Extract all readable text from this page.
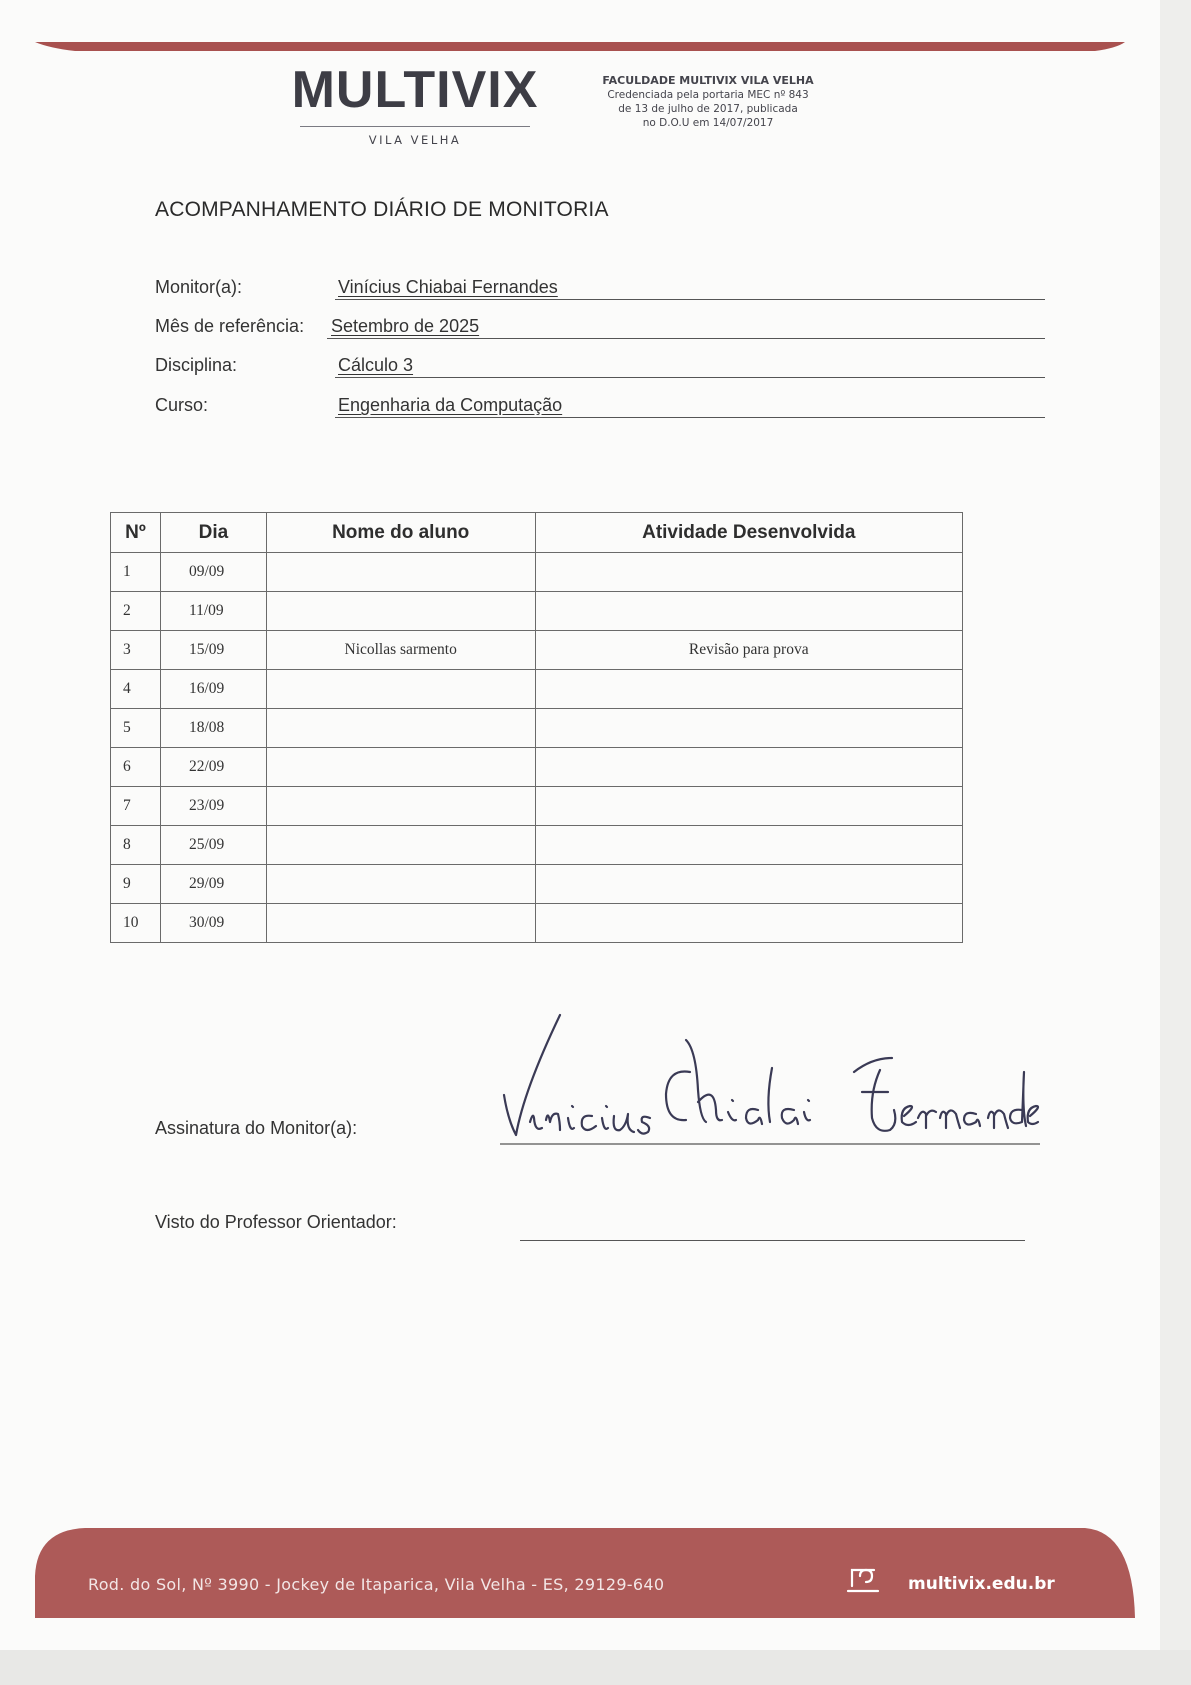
MULTIVIX
VILA VELHA
FACULDADE MULTIVIX VILA VELHA
Credenciada pela portaria MEC nº 843
de 13 de julho de 2017, publicada
no D.O.U em 14/07/2017
ACOMPANHAMENTO DIÁRIO DE MONITORIA
Monitor(a):	Vinícius Chiabai Fernandes
Mês de referência: Setembro de 2025
Disciplina:	Cálculo 3
Curso:	Engenharia da Computação
Nº	Dia	Nome do aluno	Atividade Desenvolvida
1	09/09		
2	11/09		
3	15/09	Nicollas sarmento	Revisão para prova
4	16/09		
5	18/08		
6	22/09		
7	23/09		
8	25/09		
9	29/09		
10	30/09		
Assinatura do Monitor(a):
Visto do Professor Orientador:
Rod. do Sol, Nº 3990 - Jockey de Itaparica, Vila Velha - ES, 29129-640	multivix.edu.br
